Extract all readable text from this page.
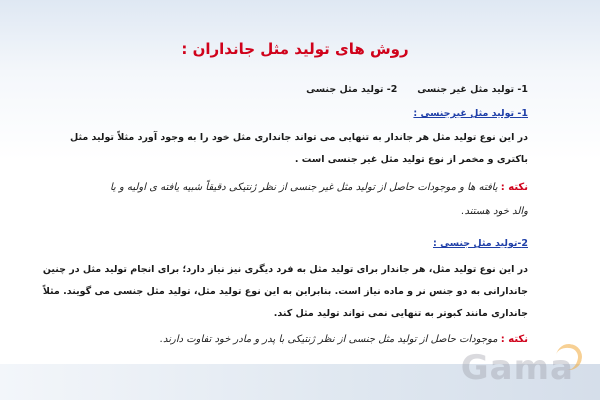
روش های تولید مثل جانداران :
1- تولید مثل غیر جنسی      2- تولید مثل جنسی
1- تولید مثل غیرجنسی :
در این نوع تولید مثل هر جاندار به تنهایی می تواند جانداری مثل خود را به وجود آورد مثلاً تولید مثل
باکتری و مخمر از نوع تولید مثل غیر جنسی است .
نکته : یافته ها و موجودات حاصل از تولید مثل غیر جنسی از نظر ژنتیکی دقیقاً شبیه یافته ی اولیه و یا
والد خود هستند.
2-تولید مثل جنسی :
در این نوع تولید مثل، هر جاندار برای تولید مثل به فرد دیگری نیز نیاز دارد؛ برای انجام تولید مثل در چنین
جاندارانی به دو جنس نر و ماده نیاز است. بنابراین به این نوع تولید مثل، تولید مثل جنسی می گویند. مثلاً
جانداری مانند کبوتر به تنهایی نمی تواند تولید مثل کند.
نکته : موجودات حاصل از تولید مثل جنسی از نظر ژنتیکی با پدر و مادر خود تفاوت دارند.
Gama
